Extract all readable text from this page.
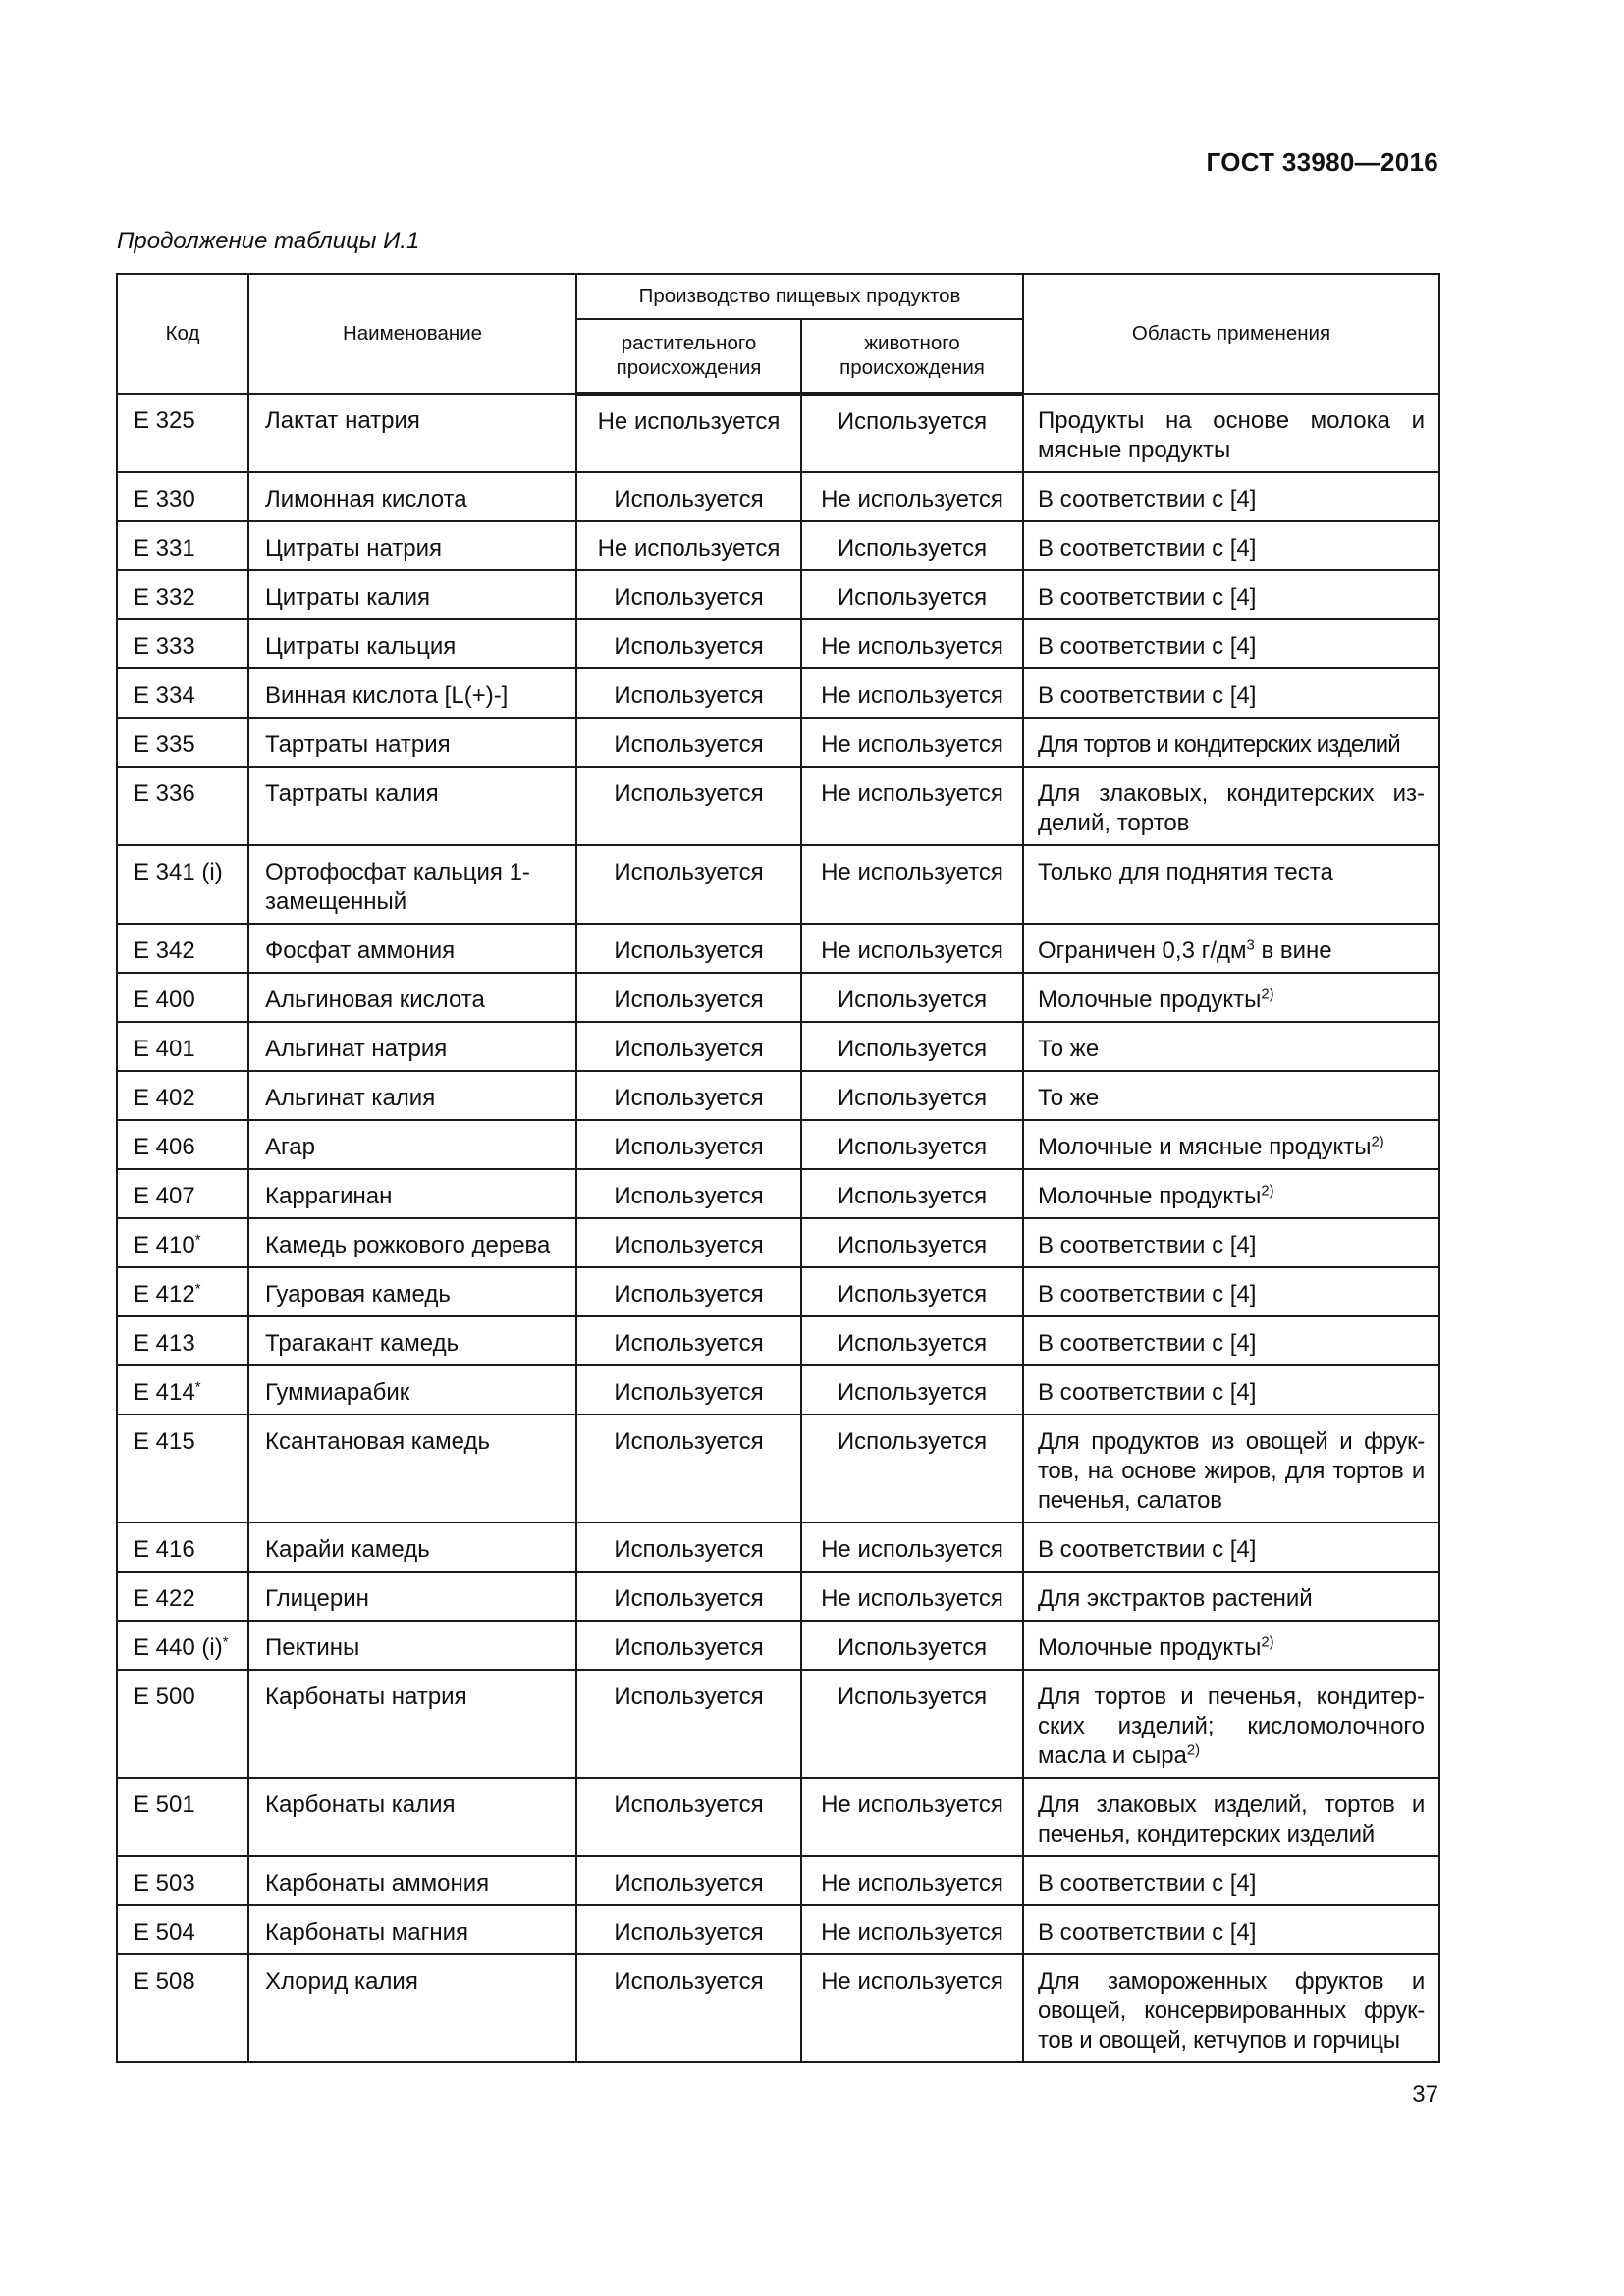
ГОСТ 33980—2016
Продолжение таблицы И.1
Код	Наименование	Производство пищевых продуктов		Область применения
		растительного происхождения	животного происхождения	
Е 325	Лактат натрия	Не используется	Используется	Продукты на основе молока и мясные продукты
Е 330	Лимонная кислота	Используется	Не используется	В соответствии с [4]
Е 331	Цитраты натрия	Не используется	Используется	В соответствии с [4]
Е 332	Цитраты калия	Используется	Используется	В соответствии с [4]
Е 333	Цитраты кальция	Используется	Не используется	В соответствии с [4]
Е 334	Винная кислота [L(+)-]	Используется	Не используется	В соответствии с [4]
Е 335	Тартраты натрия	Используется	Не используется	Для тортов и кондитерских изделий
Е 336	Тартраты калия	Используется	Не используется	Для злаковых, кондитерских из-делий, тортов
Е 341 (i)	Ортофосфат кальция 1-замещенный	Используется	Не используется	Только для поднятия теста
Е 342	Фосфат аммония	Используется	Не используется	Ограничен 0,3 $г/дм^3$ в вине
Е 400	Альгиновая кислота	Используется	Используется	Молочные продукты$^{2)}$
Е 401	Альгинат натрия	Используется	Используется	То же
Е 402	Альгинат калия	Используется	Используется	То же
Е 406	Агар	Используется	Используется	Молочные и мясные продукты$^{2)}$
Е 407	Каррагинан	Используется	Используется	Молочные продукты$^{2)}$
Е 410*	Камедь рожкового дерева	Используется	Используется	В соответствии с [4]
Е 412*	Гуаровая камедь	Используется	Используется	В соответствии с [4]
Е 413	Трагакант камедь	Используется	Используется	В соответствии с [4]
Е 414*	Гуммиарабик	Используется	Используется	В соответствии с [4]
Е 415	Ксантановая камедь	Используется	Используется	Для продуктов из овощей и фрук-тов, на основе жиров, для тортов и печенья, салатов
Е 416	Карайи камедь	Используется	Не используется	В соответствии с [4]
Е 422	Глицерин	Используется	Не используется	Для экстрактов растений
Е 440 (i)*	Пектины	Используется	Используется	Молочные продукты$^{2)}$
Е 500	Карбонаты натрия	Используется	Используется	Для тортов и печенья, кондитер-ских изделий; кисломолочного масла и сыра$^{2)}$
Е 501	Карбонаты калия	Используется	Не используется	Для злаковых изделий, тортов и печенья, кондитерских изделий
Е 503	Карбонаты аммония	Используется	Не используется	В соответствии с [4]
Е 504	Карбонаты магния	Используется	Не используется	В соответствии с [4]
Е 508	Хлорид калия	Используется	Не используется	Для замороженных фруктов и овощей, консервированных фрук-тов и овощей, кетчупов и горчицы
37
